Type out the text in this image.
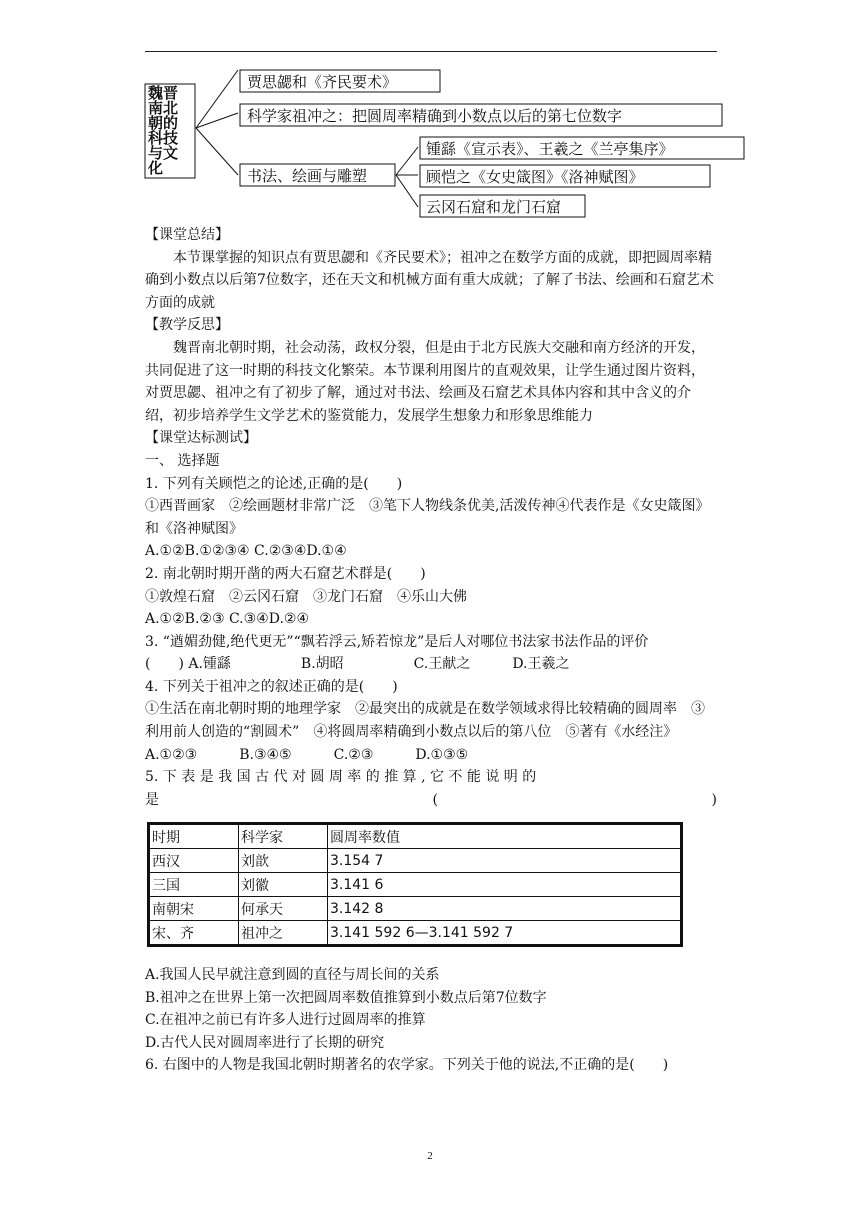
魏晋
南北
朝的
科技
与文
化
贾思勰和《齐民要术》
科学家祖冲之：把圆周率精确到小数点以后的第七位数字
书法、绘画与雕塑
锺繇《宣示表》、王羲之《兰亭集序》
顾恺之《女史箴图》《洛神赋图》
云冈石窟和龙门石窟

【课堂总结】

本节课掌握的知识点有贾思勰和《齐民要术》；祖冲之在数学方面的成就，即把圆周率精确到小数点以后第7位数字，还在天文和机械方面有重大成就；了解了书法、绘画和石窟艺术方面的成就

【教学反思】

魏晋南北朝时期，社会动荡，政权分裂，但是由于北方民族大交融和南方经济的开发，共同促进了这一时期的科技文化繁荣。本节课利用图片的直观效果，让学生通过图片资料，对贾思勰、祖冲之有了初步了解，通过对书法、绘画及石窟艺术具体内容和其中含义的介绍，初步培养学生文学艺术的鉴赏能力，发展学生想象力和形象思维能力

【课堂达标测试】

一、 选择题

1. 下列有关顾恺之的论述,正确的是(　　)

①西晋画家　②绘画题材非常广泛　③笔下人物线条优美,活泼传神④代表作是《女史箴图》和《洛神赋图》

A.①②B.①②③④ C.②③④D.①④

2. 南北朝时期开凿的两大石窟艺术群是(　　)

①敦煌石窟　②云冈石窟　③龙门石窟　④乐山大佛

A.①②B.②③ C.③④D.②④

3. “遒媚劲健,绝代更无”“飘若浮云,矫若惊龙”是后人对哪位书法家书法作品的评价

(　　) A.锺繇　　　　　B.胡昭　　　　　C.王献之　　　D.王羲之

4. 下列关于祖冲之的叙述正确的是(　　)

①生活在南北朝时期的地理学家　②最突出的成就是在数学领域求得比较精确的圆周率　③利用前人创造的“割圆术”　④将圆周率精确到小数点以后的第八位　⑤著有《水经注》　A.①②③　　　B.③④⑤　　　C.②③　　　D.①③⑤

5. 下 表 是 我 国 古 代 对 圆 周 率 的 推 算 , 它 不 能 说 明 的

是	(	)

时期	科学家	圆周率数值
西汉	刘歆	3.154 7
三国	刘徽	3.141 6
南朝宋	何承天	3.142 8
宋、齐	祖冲之	3.141 592 6—3.141 592 7

A.我国人民早就注意到圆的直径与周长间的关系

B.祖冲之在世界上第一次把圆周率数值推算到小数点后第7位数字

C.在祖冲之前已有许多人进行过圆周率的推算

D.古代人民对圆周率进行了长期的研究

6. 右图中的人物是我国北朝时期著名的农学家。下列关于他的说法,不正确的是(　　)

2
